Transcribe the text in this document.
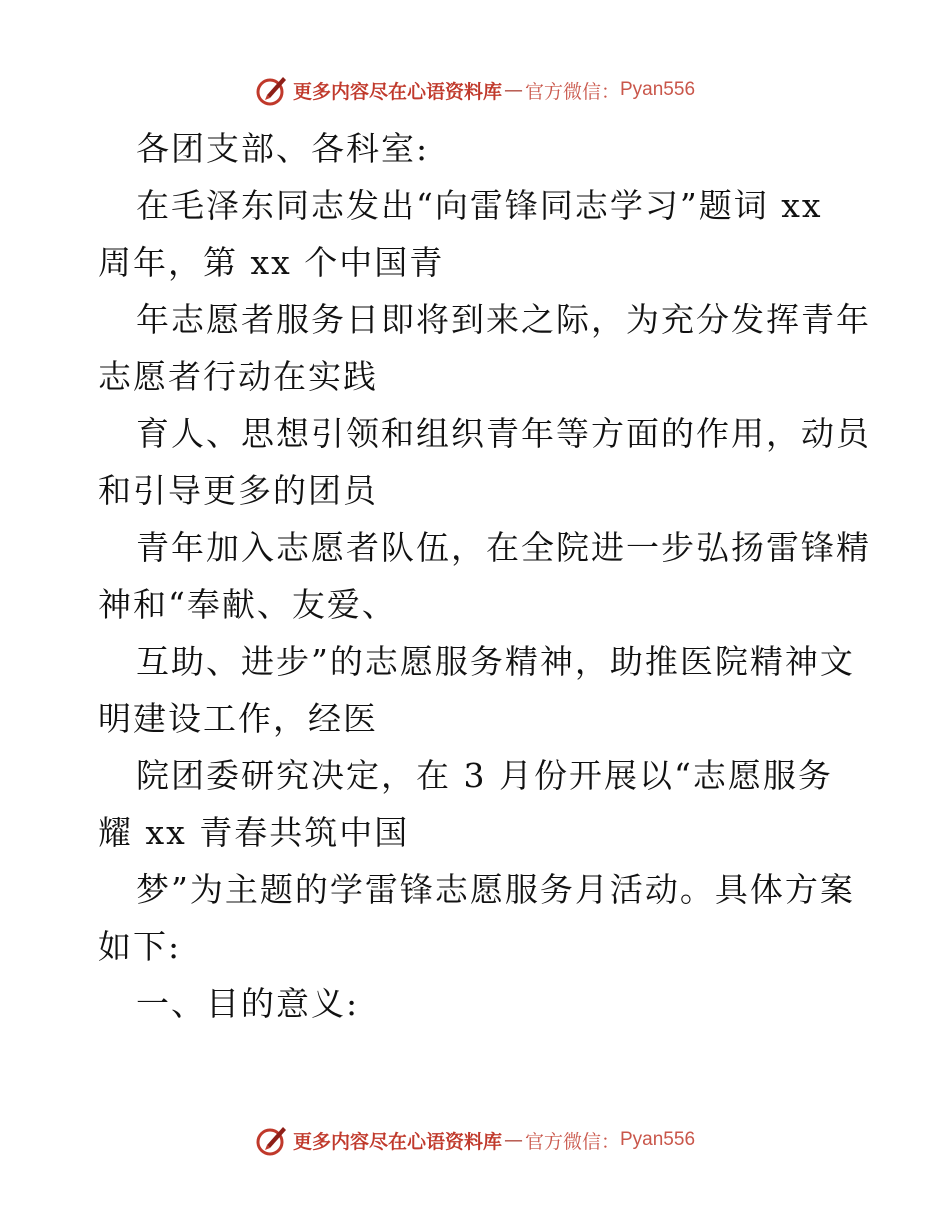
更多内容尽在心语资料库 — 官方微信： Pyan556
各团支部、各科室:
在毛泽东同志发出“向雷锋同志学习”题词 xx
周年，第 xx 个中国青
年志愿者服务日即将到来之际，为充分发挥青年
志愿者行动在实践
育人、思想引领和组织青年等方面的作用，动员
和引导更多的团员
青年加入志愿者队伍，在全院进一步弘扬雷锋精
神和“奉献、友爱、
互助、进步”的志愿服务精神，助推医院精神文
明建设工作，经医
院团委研究决定，在 3 月份开展以“志愿服务
耀 xx 青春共筑中国
梦”为主题的学雷锋志愿服务月活动。具体方案
如下:
一、目的意义:
更多内容尽在心语资料库 — 官方微信： Pyan556
